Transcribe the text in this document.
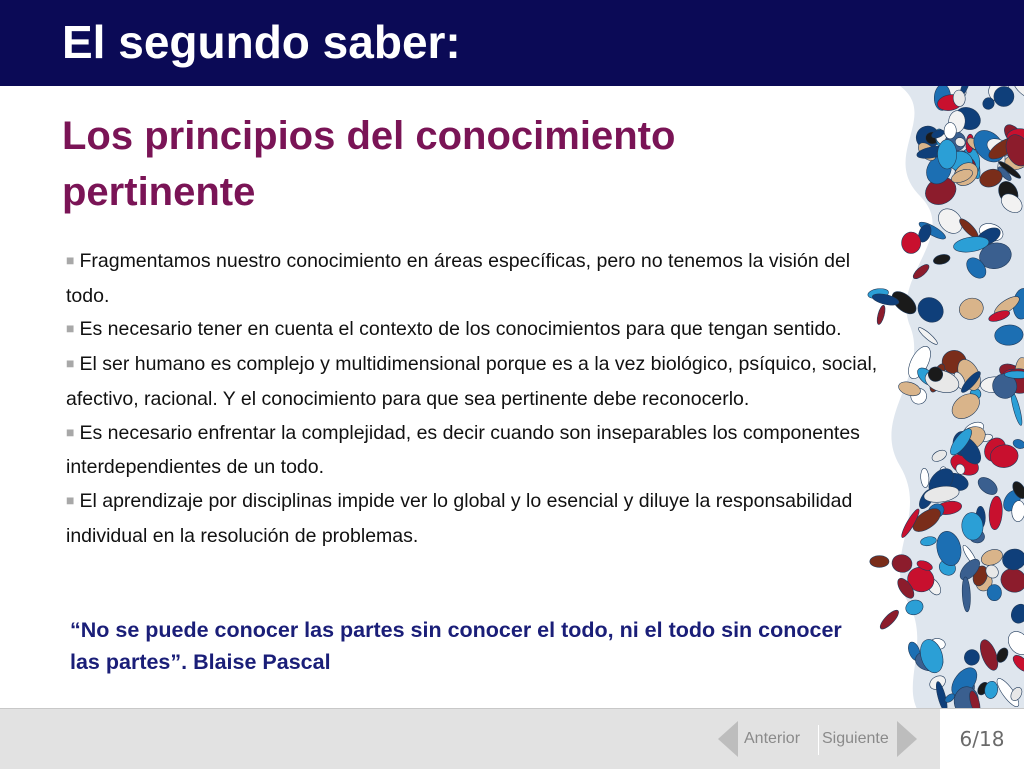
El segundo saber:
Los principios del conocimiento pertinente
■ Fragmentamos nuestro conocimiento en áreas específicas, pero no tenemos la visión del todo.
■ Es necesario tener en cuenta el contexto de los conocimientos para que tengan sentido.
■ El ser humano es complejo y multidimensional porque es a la vez biológico, psíquico, social, afectivo, racional. Y el conocimiento para que sea pertinente debe reconocerlo.
■ Es necesario enfrentar la complejidad, es decir cuando son inseparables los componentes interdependientes de un todo.
■ El aprendizaje por disciplinas impide ver lo global y lo esencial y diluye la responsabilidad individual en la resolución de problemas.
“No se puede conocer las partes sin conocer el todo, ni el todo sin conocer las partes”. Blaise Pascal
Anterior Siguiente	6/18
